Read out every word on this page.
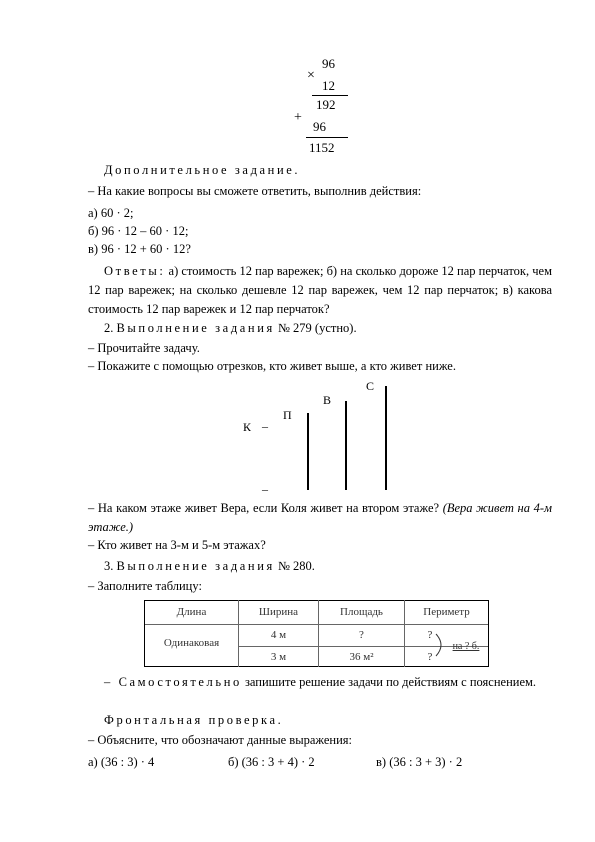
×
96
12
192
+
96
1152
Дополнительное задание.
– На какие вопросы вы сможете ответить, выполнив действия:
а) 60 · 2;
б) 96 · 12 – 60 · 12;
в) 96 · 12 + 60 · 12?
Ответы: а) стоимость 12 пар варежек; б) на сколько дороже 12 пар перчаток, чем 12 пар варежек; на сколько дешевле 12 пар варежек, чем 12 пар перчаток; в) какова стоимость 12 пар варежек и 12 пар перчаток?
2. Выполнение задания № 279 (устно).
– Прочитайте задачу.
– Покажите с помощью отрезков, кто живет выше, а кто живет ниже.
К –
–
П
В
С
– На каком этаже живет Вера, если Коля живет на втором этаже? (Вера живет на 4-м этаже.)
– Кто живет на 3-м и 5-м этажах?
3. Выполнение задания № 280.
– Заполните таблицу:
Длина	Ширина	Площадь	Периметр
Одинаковая
4 м	?	?
3 м	36 м²	?
на ? б.
– Самостоятельно запишите решение задачи по действиям с пояснением.
Фронтальная проверка.
– Объясните, что обозначают данные выражения:
а) (36 : 3) · 4	б) (36 : 3 + 4) · 2	в) (36 : 3 + 3) · 2
